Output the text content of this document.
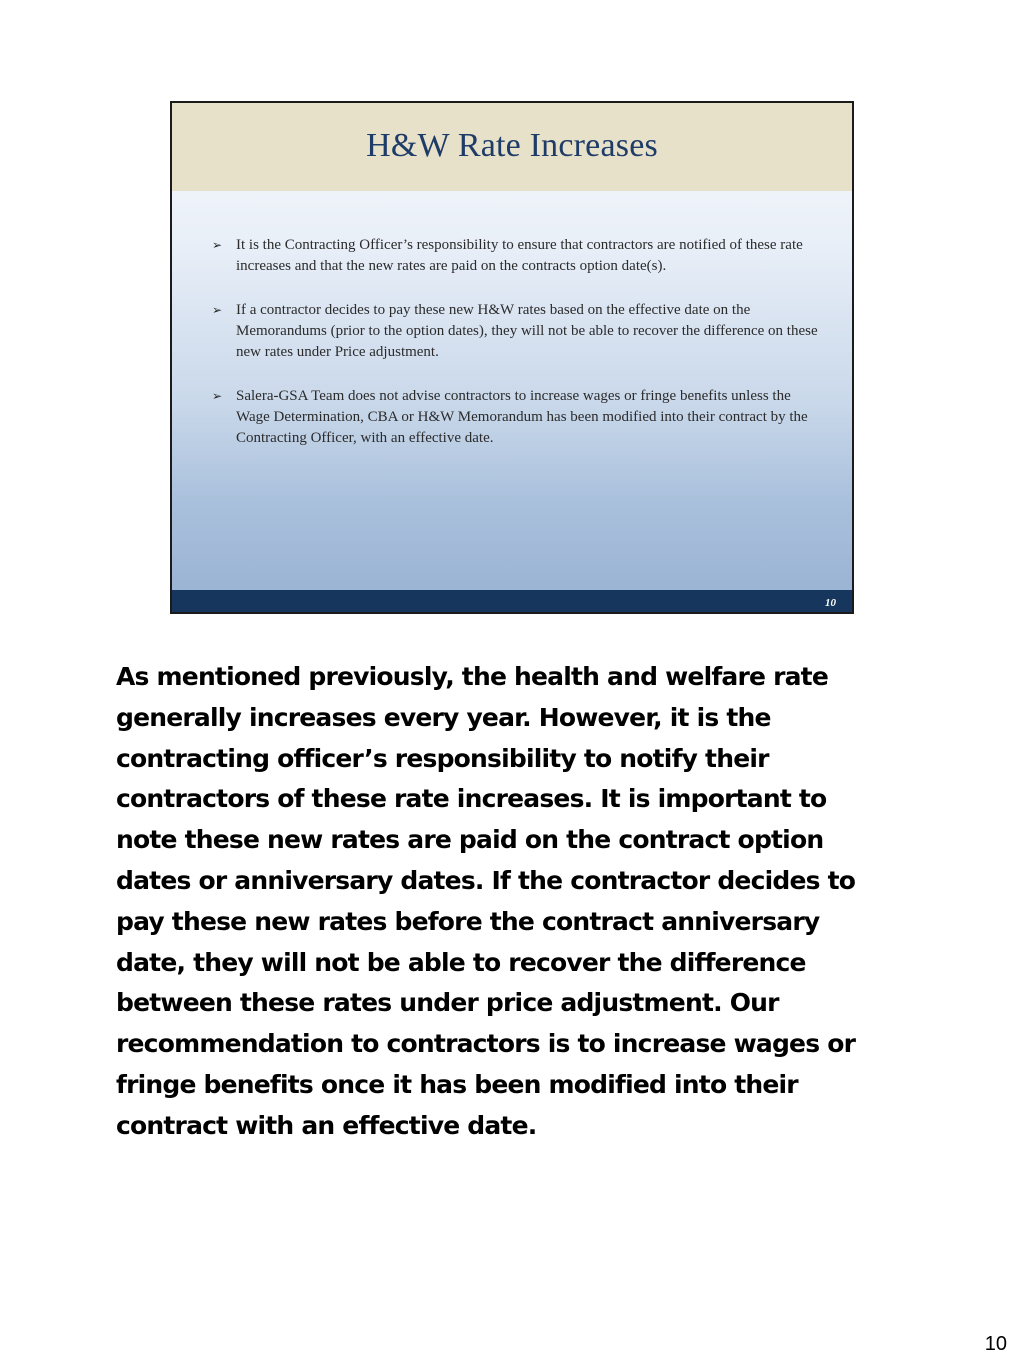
H&W Rate Increases
➢ It is the Contracting Officer’s responsibility to ensure that contractors are notified of these rate increases and that the new rates are paid on the contracts option date(s).
➢ If a contractor decides to pay these new H&W rates based on the effective date on the Memorandums (prior to the option dates), they will not be able to recover the difference on these new rates under Price adjustment.
➢ Salera-GSA Team does not advise contractors to increase wages or fringe benefits unless the Wage Determination, CBA or H&W Memorandum has been modified into their contract by the Contracting Officer, with an effective date.
10
As mentioned previously, the health and welfare rate
generally increases every year. However, it is the
contracting officer’s responsibility to notify their
contractors of these rate increases. It is important to
note these new rates are paid on the contract option
dates or anniversary dates. If the contractor decides to
pay these new rates before the contract anniversary
date, they will not be able to recover the difference
between these rates under price adjustment. Our
recommendation to contractors is to increase wages or
fringe benefits once it has been modified into their
contract with an effective date.
10
